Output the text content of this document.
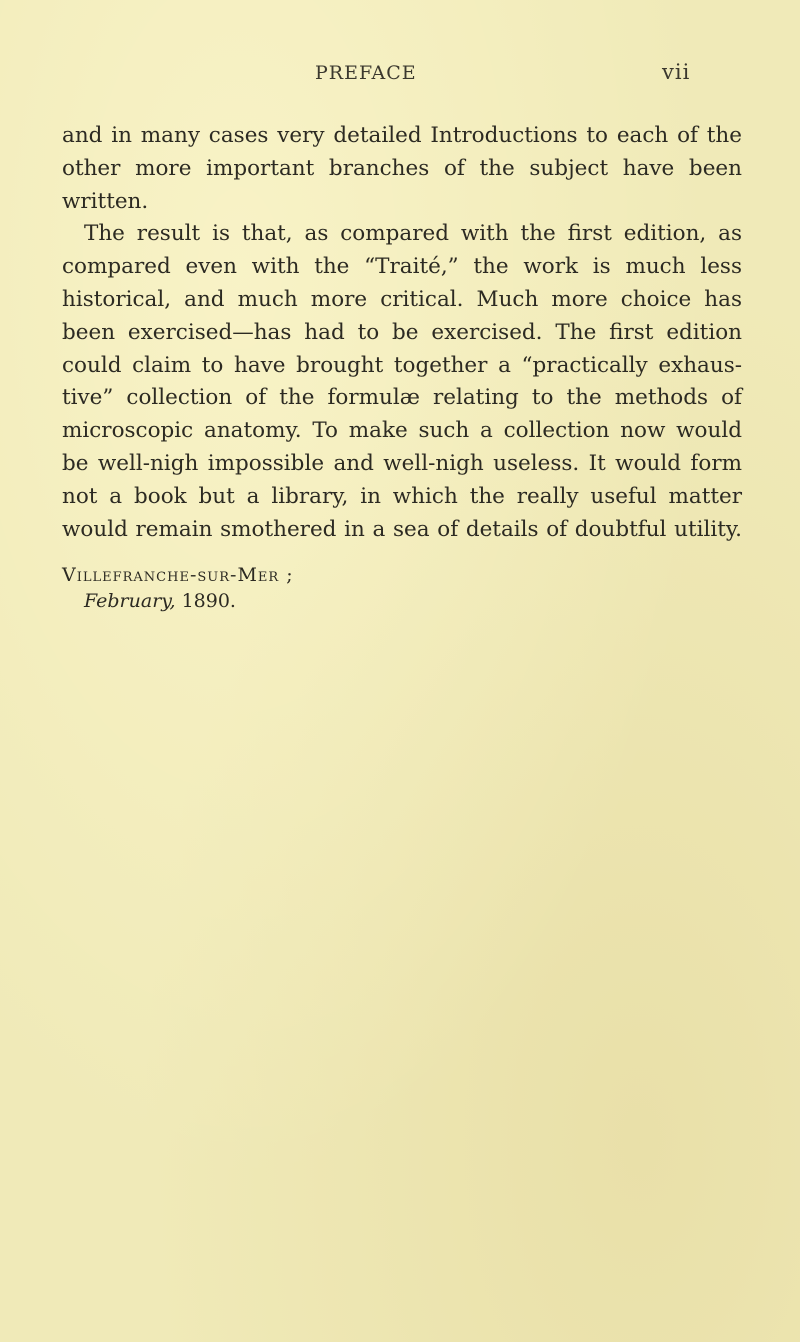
PREFACE	vii
and in many cases very detailed Introductions to each of the
other more important branches of the subject have been
written.
The result is that, as compared with the first edition, as
compared even with the “Traité,” the work is much less
historical, and much more critical. Much more choice has
been exercised—has had to be exercised. The first edition
could claim to have brought together a “practically exhaus-
tive” collection of the formulæ relating to the methods of
microscopic anatomy. To make such a collection now would
be well-nigh impossible and well-nigh useless. It would form
not a book but a library, in which the really useful matter
would remain smothered in a sea of details of doubtful utility.
Villefranche-sur-Mer ;
February, 1890.
